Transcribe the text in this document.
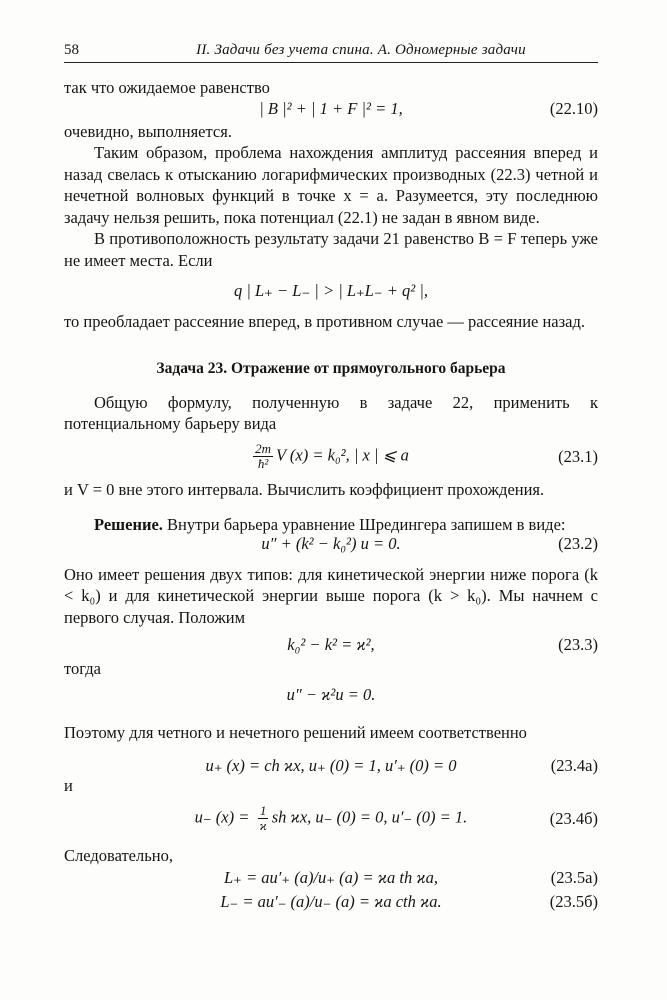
58	II. Задачи без учета спина. А. Одномерные задачи

так что ожидаемое равенство

| B |² + | 1 + F |² = 1,	(22.10)

очевидно, выполняется.

Таким образом, проблема нахождения амплитуд рассеяния вперед и назад свелась к отысканию логарифмических производных (22.3) четной и нечетной волновых функций в точке x = a. Разумеется, эту последнюю задачу нельзя решить, пока потенциал (22.1) не задан в явном виде.

В противоположность результату задачи 21 равенство B = F теперь уже не имеет места. Если

q | L₊ − L₋ | > | L₊L₋ + q² |,

то преобладает рассеяние вперед, в противном случае — рассеяние назад.

Задача 23. Отражение от прямоугольного барьера

Общую формулу, полученную в задаче 22, применить к потенциальному барьеру вида

$\frac{2m}{\text{ħ²}}$ V (x) = k₀², | x | ⩽ a	(23.1)

и V = 0 вне этого интервала. Вычислить коэффициент прохождения.

Решение. Внутри барьера уравнение Шредингера запишем в виде:

u″ + (k² − k₀²) u = 0.	(23.2)

Оно имеет решения двух типов: для кинетической энергии ниже порога (k < k₀) и для кинетической энергии выше порога (k > k₀). Мы начнем с первого случая. Положим

k₀² − k² = ϰ²,	(23.3)

тогда

u″ − ϰ²u = 0.

Поэтому для четного и нечетного решений имеем соответственно

u₊ (x) = ch ϰx, u₊ (0) = 1, u′₊ (0) = 0	(23.4a)

и

u₋ $(x) = \frac{1}{ϰ}$ sh ϰx, u₋ (0) = 0, u′₋ (0) = 1.	(23.4б)

Следовательно,

L₊ = au′₊ (a)/u₊ (a) = ϰa th ϰa,	(23.5a)
L₋ = au′₋ (a)/u₋ (a) = ϰa cth ϰa.	(23.5б)
